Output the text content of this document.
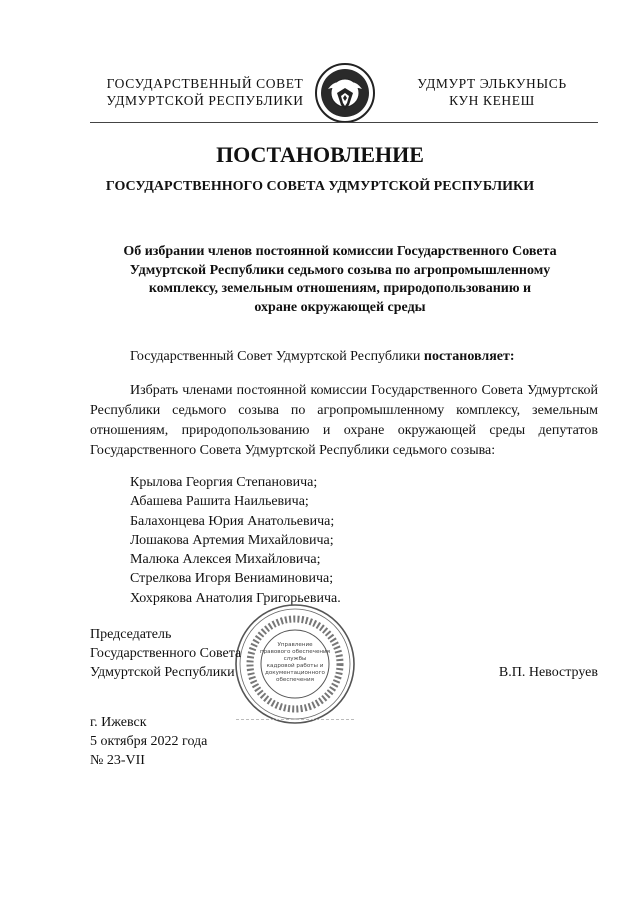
ГОСУДАРСТВЕННЫЙ СОВЕТ
УДМУРТСКОЙ РЕСПУБЛИКИ
УДМУРТ ЭЛЬКУНЫСЬ
КУН КЕНЕШ
ПОСТАНОВЛЕНИЕ
ГОСУДАРСТВЕННОГО СОВЕТА УДМУРТСКОЙ РЕСПУБЛИКИ
Об избрании членов постоянной комиссии Государственного Совета
Удмуртской Республики седьмого созыва по агропромышленному
комплексу, земельным отношениям, природопользованию и
охране окружающей среды
Государственный Совет Удмуртской Республики постановляет:
Избрать членами постоянной комиссии Государственного Совета Удмуртской Республики седьмого созыва по агропромышленному комплексу, земельным отношениям, природопользованию и охране окружающей среды депутатов Государственного Совета Удмуртской Республики седьмого созыва:
Крылова Георгия Степановича;
Абашева Рашита Наильевича;
Балахонцева Юрия Анатольевича;
Лошакова Артемия Михайловича;
Малюка Алексея Михайловича;
Стрелкова Игоря Вениаминовича;
Хохрякова Анатолия Григорьевича.
Управление
правового обеспечения
службы
кадровой работы и
документационного
обеспечения
Председатель
Государственного Совета
Удмуртской Республики	В.П. Невоструев
г. Ижевск
5 октября 2022 года
№ 23-VII
